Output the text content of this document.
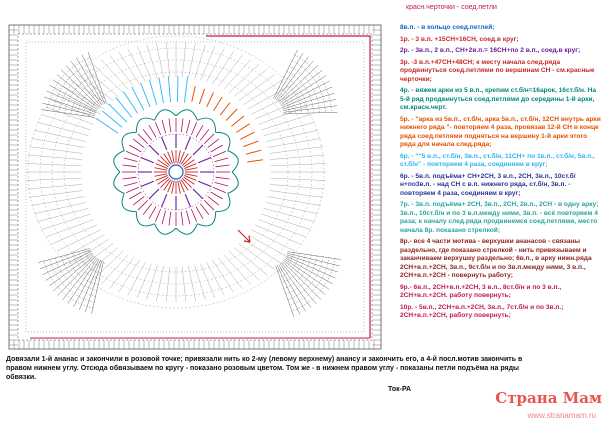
красн.черточки - соед.петли
8в.п. - в кольцо соед.петлей;
1р. - 3 в.п. +15СН+16СН, соед.в круг;
2р. - 3в.п., 2 в.п., СН+2в.п.= 16СН+по 2 в.п., соед.в круг;
3р. -3 в.п.+47СН+48СН; к месту начала след.ряда продвинуться соед.петлями по вершинам СН - см.красные черточки;
4р. - вяжем арки из 5 в.п., крепим ст.б/н=16арок, 16ст.б/н. На 5-й ряд продвинуться соед.петлями до середины 1-й арки, см.красн.черт.
5р. - "арка из 5в.п., ст.б/н, арка 5в.п., ст.б/н, 12СН внутрь арки нижнего ряда "- повторяем 4 раза, провязав 12-й СН в конце ряда соед.петлями подняться на вершину 1-й арки этого ряда для начала след.ряда;
6р. - ""5 в.п., ст.б/н, 3в.п., ст.б/н, 11СН+ по 1в.п., ст.б/н, 5в.п., ст.б/н" - повторяем 4 раза, соединяем в круг;
6р. - 5в.п. подъёма+ СН+2СН, 3 в.п., 2СН, 3в.п., 10ст.б/н+по3в.п. - над СН с в.п. нижнего ряда, ст.б/н, 3в.п. - повторяем 4 раза, соединяем в круг;
7р. - 3в.п. подъёма+ 2СН, 3в.п., 2СН, 2в.п., 2СН - в одну арку; 3в.п., 10ст.б/н и по 3 в.п.между ними, 3в.п. - всё повторяем 4 раза; к началу след.ряда продвинемся соед.петлями, место начала 8р. показано стрелкой;
8р.- все 4 части мотива - верхушки ананасов - связаны раздельно, где показано стрелкой - нить привязываем и заканчиваем верхушку раздельно; 6в.п., в арку нижн.ряда 2СН+в.п.+2СН, 3в.п., 9ст.б/н и по 3в.п.между ними, 3 в.п., 2СН+в.п.+2СН - повернуть работу;
9р.- 6в.п., 2СН+в.п.+2СН, 3 в.п., 8ст.б/н и по 3 в.п., 2СН+в.п.+2СН. работу повернуть;
10р. - 5в.п., 2СН+в.п.+2СН, 3в.п., 7ст.б/н и по 3в.п.; 2СН+в.п.+2СН, работу повернуть;
Довязали 1-й ананас и закончили в розовой точке; привязали нить ко 2-му (левому верхнему) анансу и закончить его, а 4-й посл.мотив закончить в правом нижнем углу. Отсюда обвязываем по кругу - показано розовым цветом. Том же - в нижнем правом углу - показаны петли подъёма на ряды обвязки.
Ток-РА	Страна Мам
www.stranamam.ru
